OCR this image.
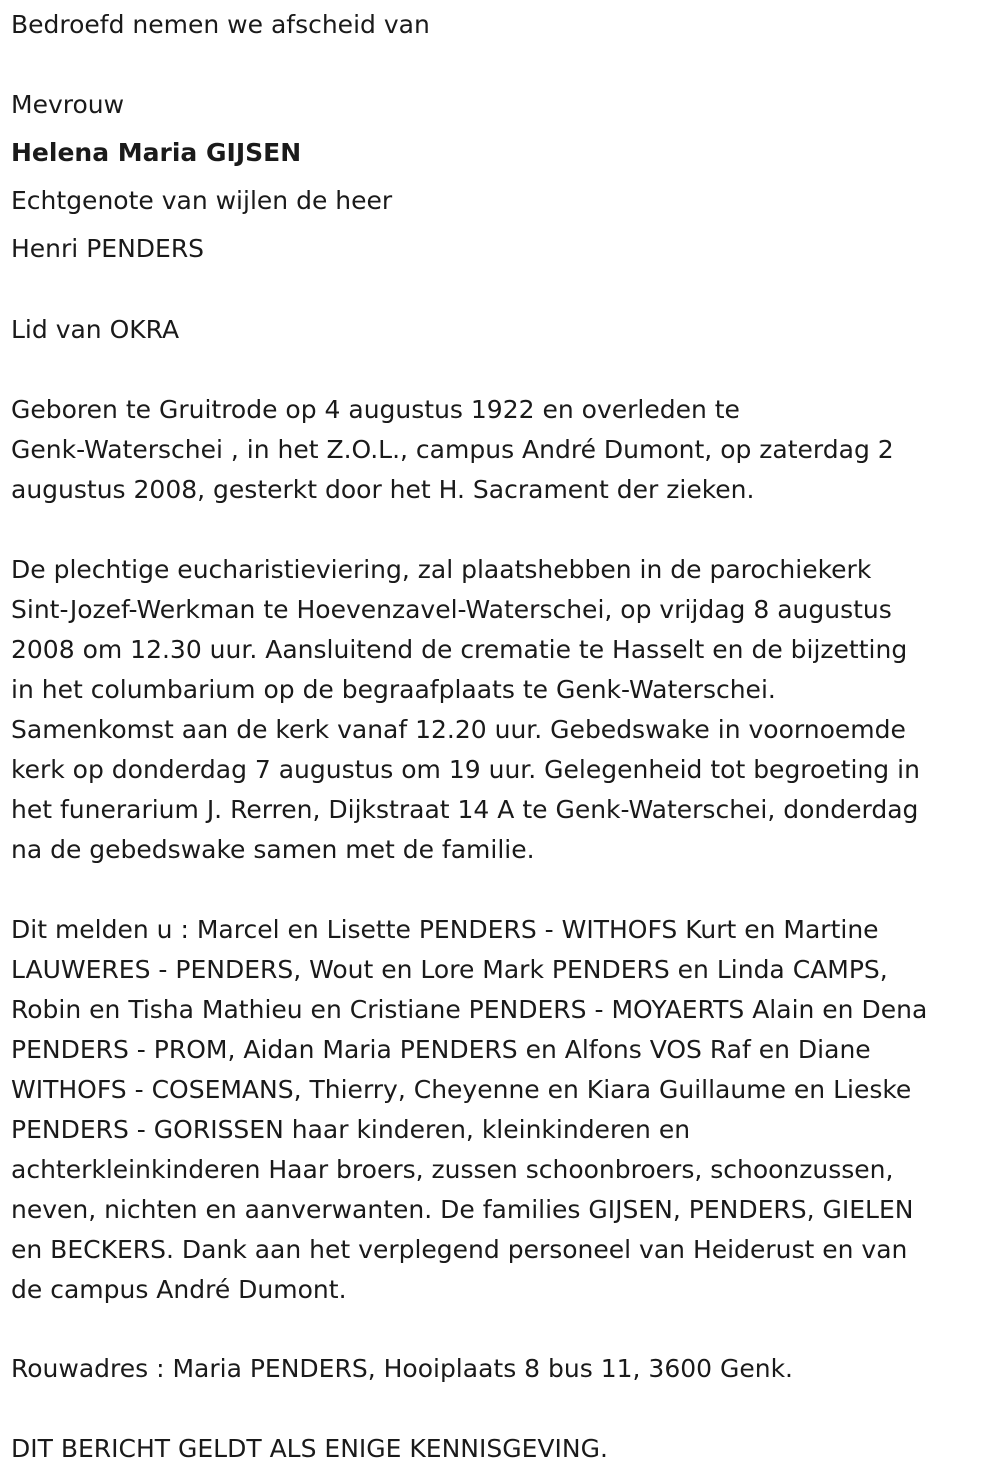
Bedroefd nemen we afscheid van

Mevrouw

Helena Maria GIJSEN

Echtgenote van wijlen de heer

Henri PENDERS

Lid van OKRA

Geboren te Gruitrode op 4 augustus 1922 en overleden te
Genk-Waterschei , in het Z.O.L., campus André Dumont, op zaterdag 2
augustus 2008, gesterkt door het H. Sacrament der zieken.
De plechtige eucharistieviering, zal plaatshebben in de parochiekerk
Sint-Jozef-Werkman te Hoevenzavel-Waterschei, op vrijdag 8 augustus
2008 om 12.30 uur. Aansluitend de crematie te Hasselt en de bijzetting
in het columbarium op de begraafplaats te Genk-Waterschei.
Samenkomst aan de kerk vanaf 12.20 uur. Gebedswake in voornoemde
kerk op donderdag 7 augustus om 19 uur. Gelegenheid tot begroeting in
het funerarium J. Rerren, Dijkstraat 14 A te Genk-Waterschei, donderdag
na de gebedswake samen met de familie.
Dit melden u : Marcel en Lisette PENDERS - WITHOFS Kurt en Martine
LAUWERES - PENDERS, Wout en Lore Mark PENDERS en Linda CAMPS,
Robin en Tisha Mathieu en Cristiane PENDERS - MOYAERTS Alain en Dena
PENDERS - PROM, Aidan Maria PENDERS en Alfons VOS Raf en Diane
WITHOFS - COSEMANS, Thierry, Cheyenne en Kiara Guillaume en Lieske
PENDERS - GORISSEN haar kinderen, kleinkinderen en
achterkleinkinderen Haar broers, zussen schoonbroers, schoonzussen,
neven, nichten en aanverwanten. De families GIJSEN, PENDERS, GIELEN
en BECKERS. Dank aan het verplegend personeel van Heiderust en van
de campus André Dumont.

Rouwadres : Maria PENDERS, Hooiplaats 8 bus 11, 3600 Genk.

DIT BERICHT GELDT ALS ENIGE KENNISGEVING.
